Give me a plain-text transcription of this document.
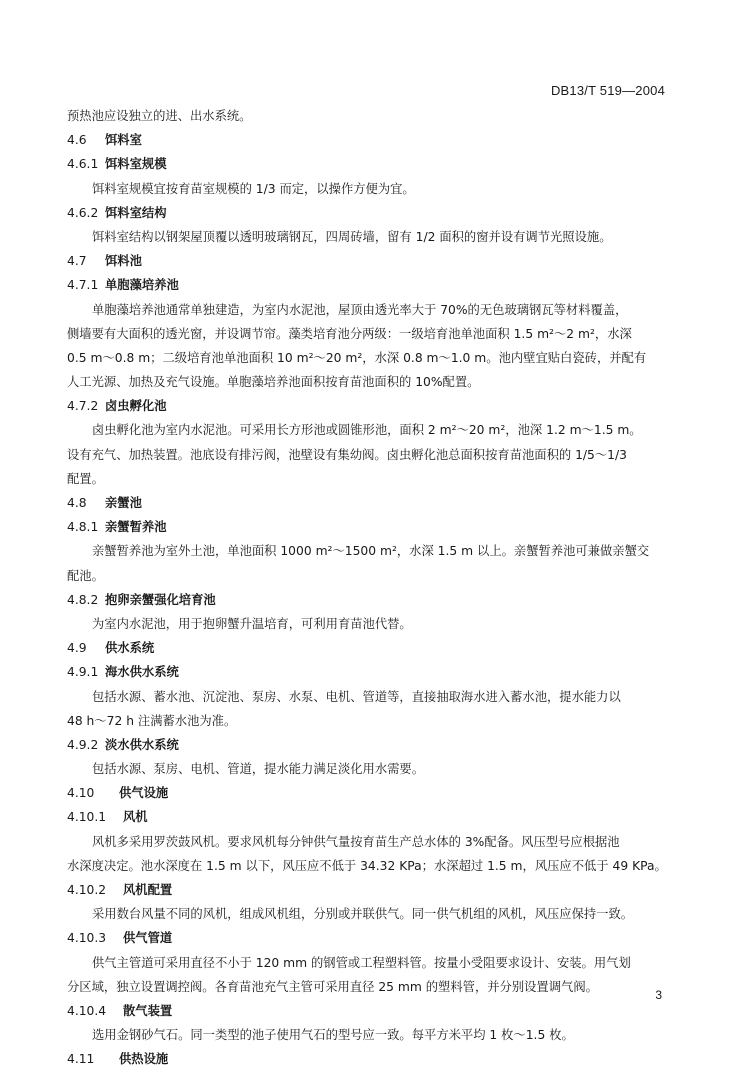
DB13/T 519—2004
预热池应设独立的进、出水系统。
4.6 饵料室
4.6.1 饵料室规模
饵料室规模宜按育苗室规模的 1/3 而定，以操作方便为宜。
4.6.2 饵料室结构
饵料室结构以钢架屋顶覆以透明玻璃钢瓦，四周砖墙，留有 1/2 面积的窗并设有调节光照设施。
4.7 饵料池
4.7.1 单胞藻培养池
单胞藻培养池通常单独建造，为室内水泥池，屋顶由透光率大于 70%的无色玻璃钢瓦等材料覆盖，
侧墙要有大面积的透光窗，并设调节帘。藻类培育池分两级：一级培育池单池面积 1.5 m²～2 m²，水深
0.5 m～0.8 m；二级培育池单池面积 10 m²～20 m²，水深 0.8 m～1.0 m。池内壁宜贴白瓷砖，并配有
人工光源、加热及充气设施。单胞藻培养池面积按育苗池面积的 10%配置。
4.7.2 卤虫孵化池
卤虫孵化池为室内水泥池。可采用长方形池或圆锥形池，面积 2 m²～20 m²，池深 1.2 m～1.5 m。
设有充气、加热装置。池底设有排污阀，池壁设有集幼阀。卤虫孵化池总面积按育苗池面积的 1/5～1/3
配置。
4.8 亲蟹池
4.8.1 亲蟹暂养池
亲蟹暂养池为室外土池，单池面积 1000 m²～1500 m²，水深 1.5 m 以上。亲蟹暂养池可兼做亲蟹交
配池。
4.8.2 抱卵亲蟹强化培育池
为室内水泥池，用于抱卵蟹升温培育，可利用育苗池代替。
4.9 供水系统
4.9.1 海水供水系统
包括水源、蓄水池、沉淀池、泵房、水泵、电机、管道等，直接抽取海水进入蓄水池，提水能力以
48 h～72 h 注满蓄水池为准。
4.9.2 淡水供水系统
包括水源、泵房、电机、管道，提水能力满足淡化用水需要。
4.10 供气设施
4.10.1 风机
风机多采用罗茨鼓风机。要求风机每分钟供气量按育苗生产总水体的 3%配备。风压型号应根据池
水深度决定。池水深度在 1.5 m 以下，风压应不低于 34.32 KPa；水深超过 1.5 m，风压应不低于 49 KPa。
4.10.2 风机配置
采用数台风量不同的风机，组成风机组，分别或并联供气。同一供气机组的风机，风压应保持一致。
4.10.3 供气管道
供气主管道可采用直径不小于 120 mm 的钢管或工程塑料管。按量小受阻要求设计、安装。用气划
分区域，独立设置调控阀。各育苗池充气主管可采用直径 25 mm 的塑料管，并分别设置调气阀。
4.10.4 散气装置
选用金钢砂气石。同一类型的池子使用气石的型号应一致。每平方米平均 1 枚～1.5 枚。
4.11 供热设施
3
